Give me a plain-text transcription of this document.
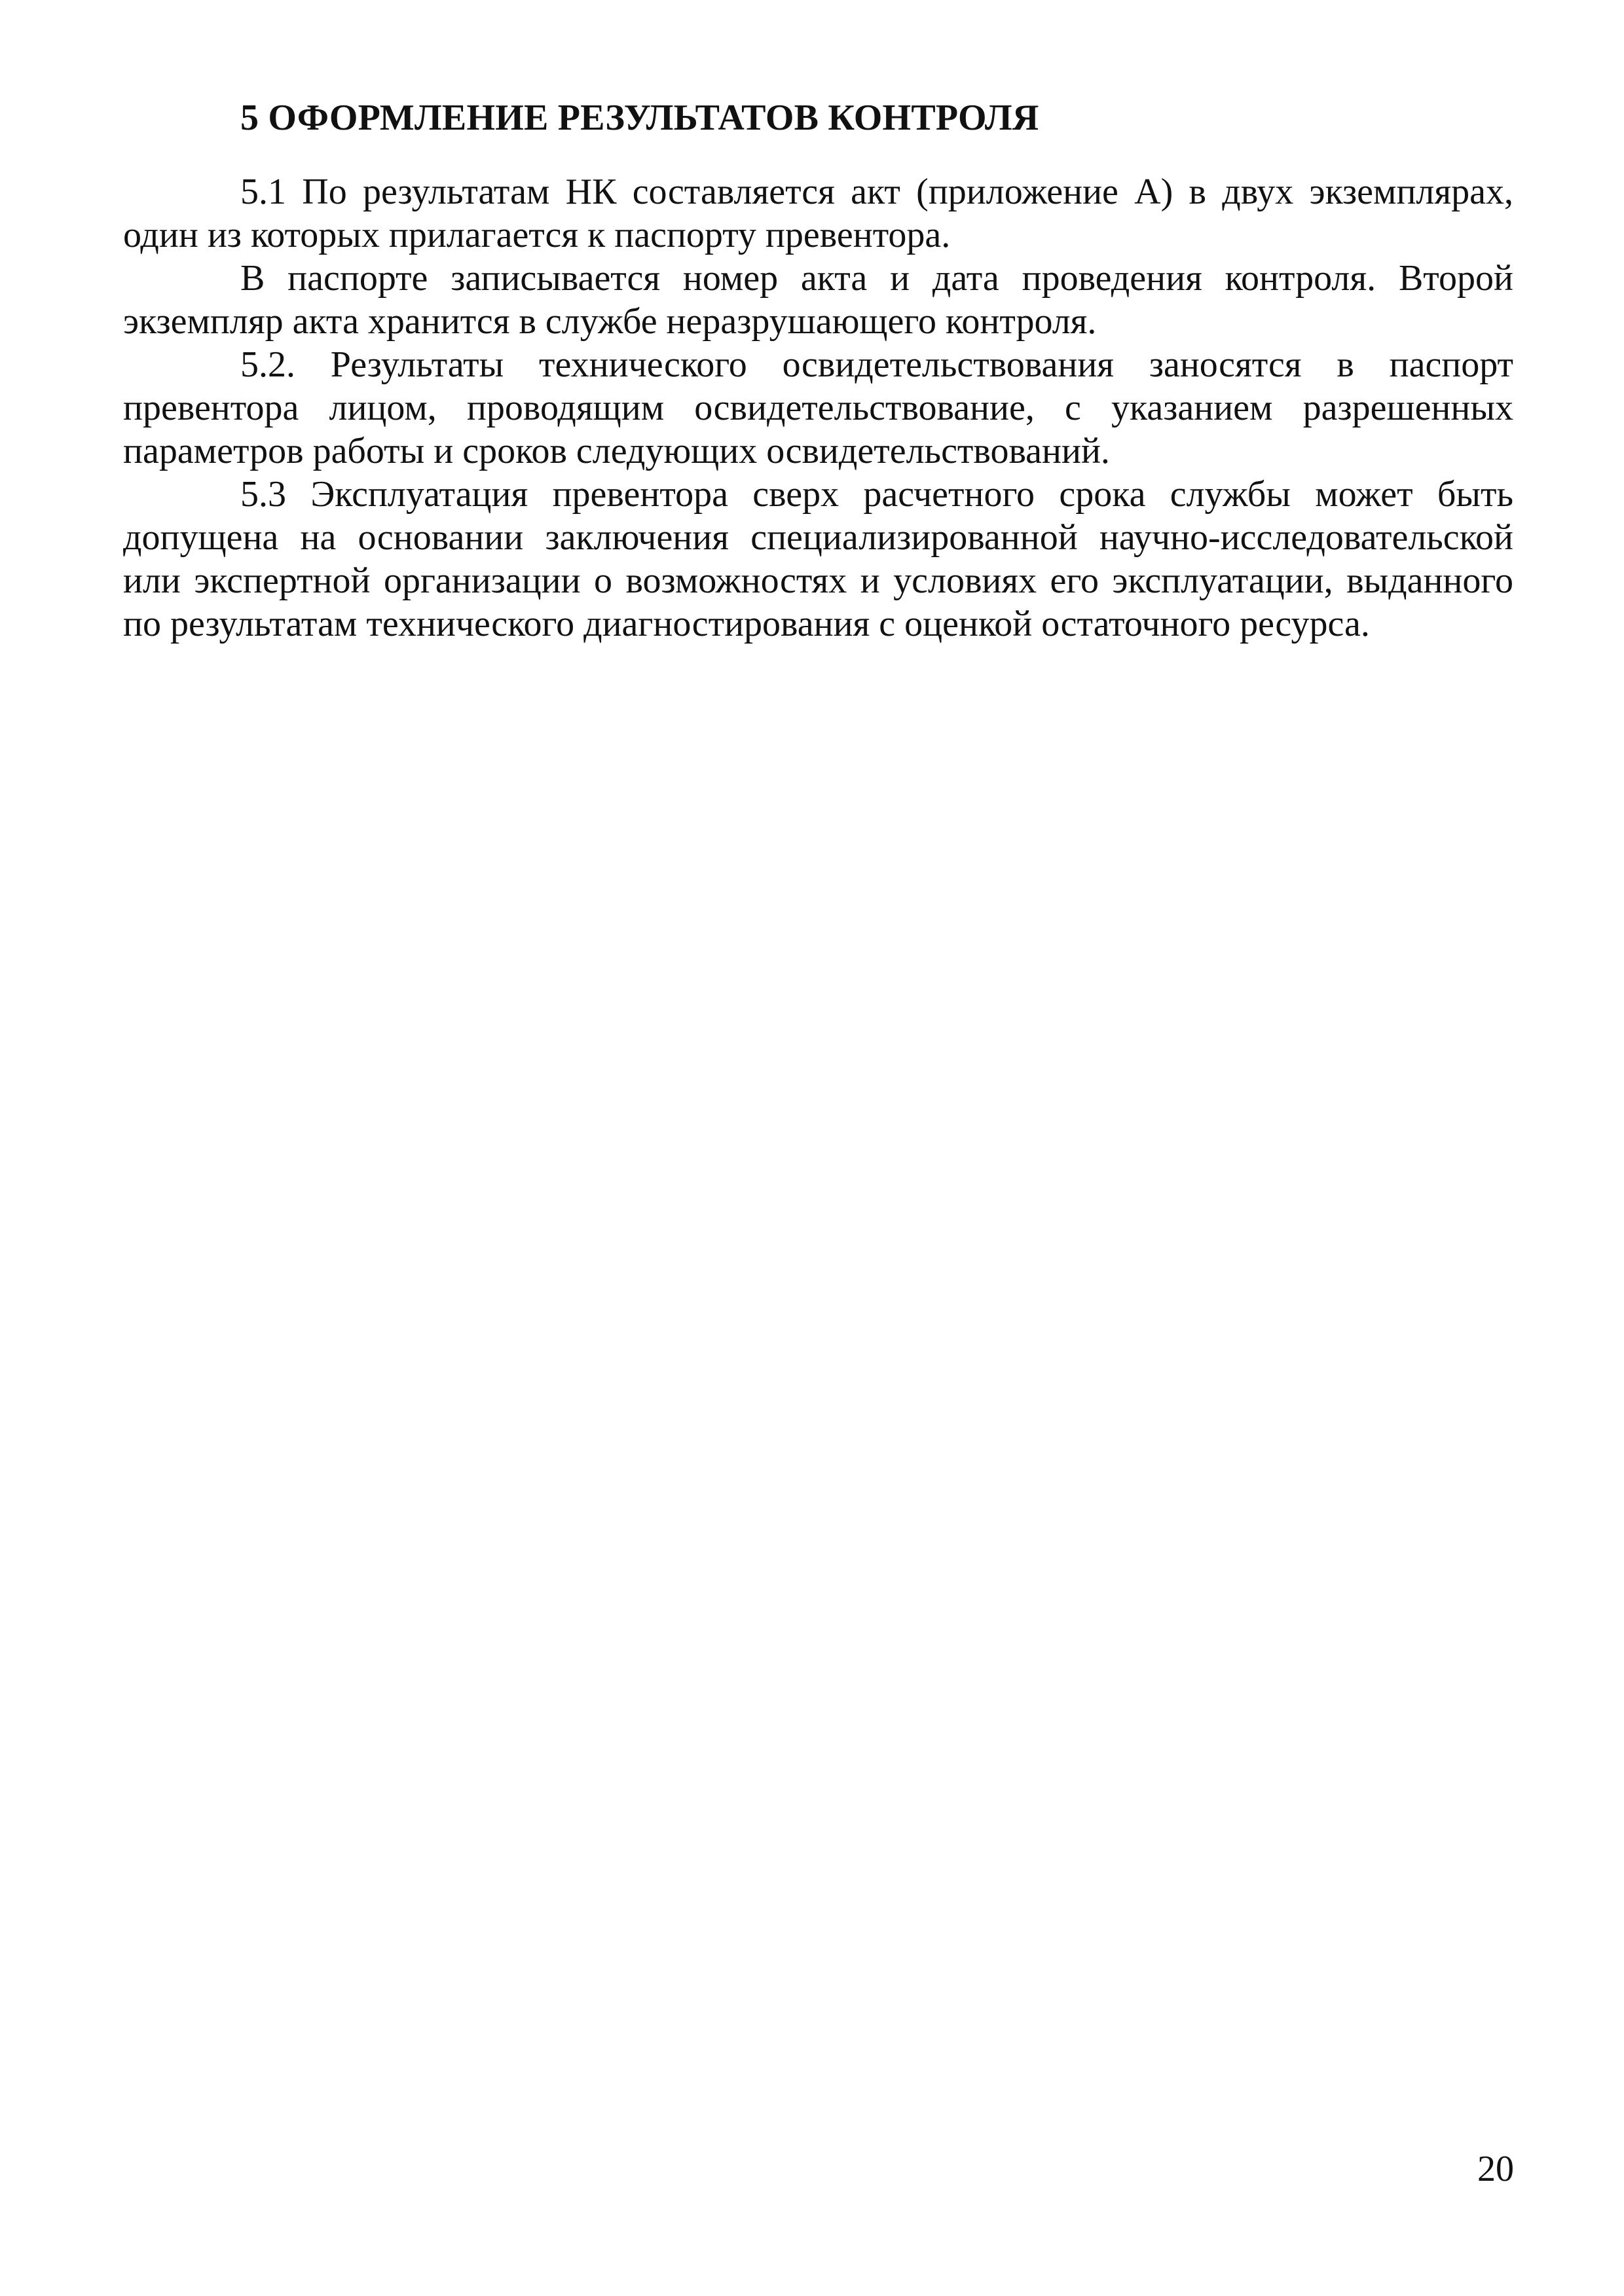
5 ОФОРМЛЕНИЕ РЕЗУЛЬТАТОВ КОНТРОЛЯ

5.1 По результатам НК составляется акт (приложение А) в двух экземплярах, один из которых прилагается к паспорту превентора.

В паспорте записывается номер акта и дата проведения контроля. Второй экземпляр акта хранится в службе неразрушающего контроля.

5.2. Результаты технического освидетельствования заносятся в паспорт превентора лицом, проводящим освидетельствование, с указанием разрешенных параметров работы и сроков следующих освидетельствований.

5.3 Эксплуатация превентора сверх расчетного срока службы может быть допущена на основании заключения специализированной научно-исследовательской или экспертной организации о возможностях и условиях его эксплуатации, выданного по результатам технического диагностирования с оценкой остаточного ресурса.

20
